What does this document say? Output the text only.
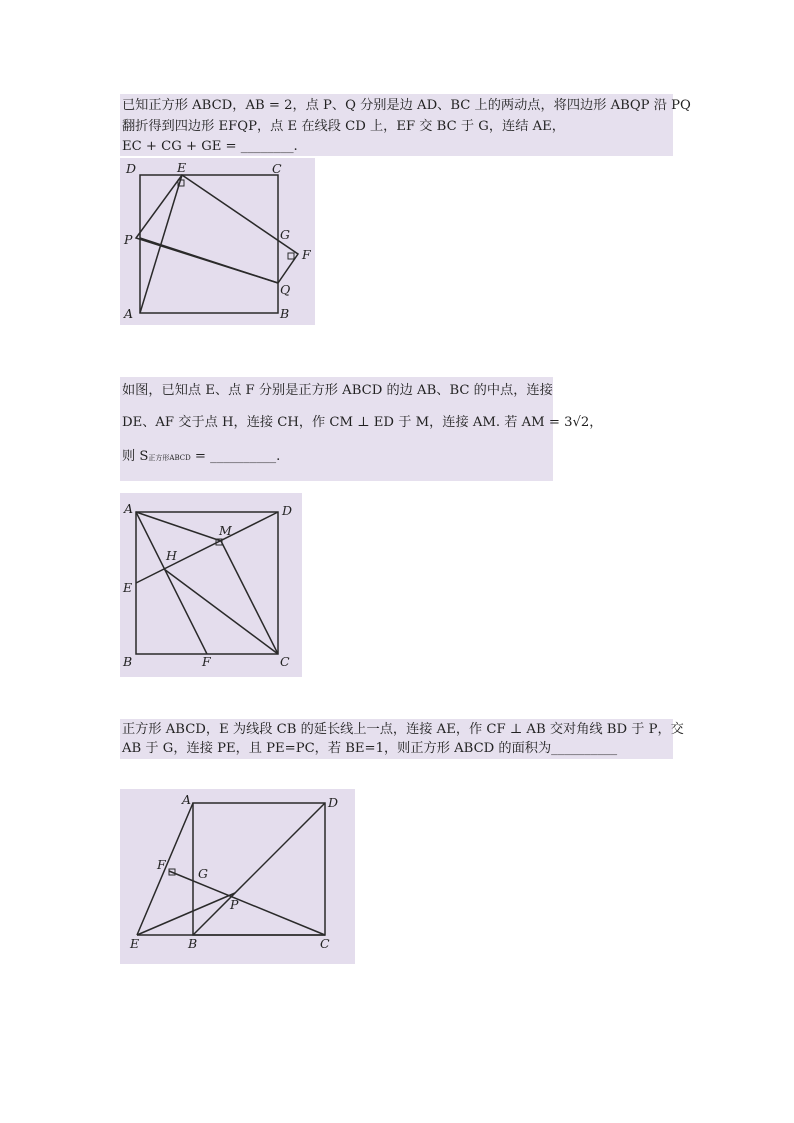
已知正方形 ABCD，AB = 2，点 P、Q 分别是边 AD、BC 上的两动点，将四边形 ABQP 沿 PQ
翻折得到四边形 EFQP，点 E 在线段 CD 上，EF 交 BC 于 G，连结 AE，
EC + CG + GE = ________.
D	E	C
P	G
F
Q
A	B
如图，已知点 E、点 F 分别是正方形 ABCD 的边 AB、BC 的中点，连接
DE、AF 交于点 H，连接 CH，作 CM ⊥ ED 于 M，连接 AM. 若 AM = 3√2，
则 S正方形ABCD = __________.
A	D
M
H
E
B	F	C
正方形 ABCD，E 为线段 CB 的延长线上一点，连接 AE，作 CF ⊥ AB 交对角线 BD 于 P，交
AB 于 G，连接 PE，且 PE=PC，若 BE=1，则正方形 ABCD 的面积为__________
A	D
F
G
P
E	B	C
